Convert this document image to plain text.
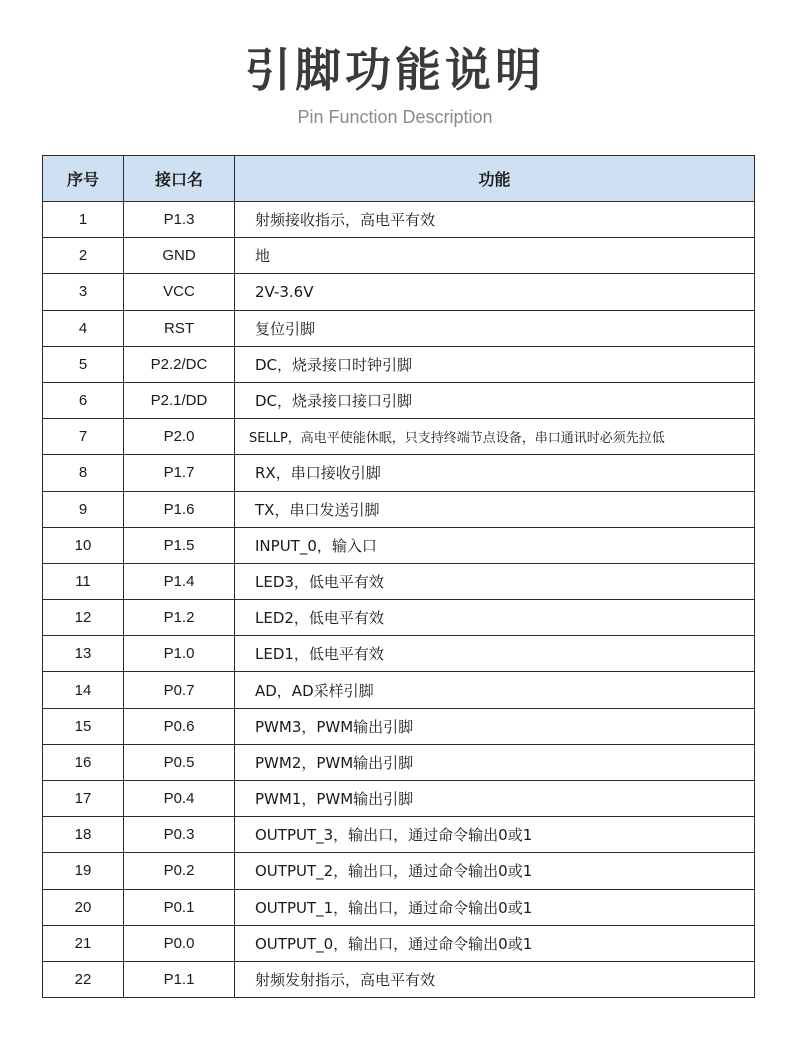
引脚功能说明
Pin Function Description
序号	接口名	功能
1	P1.3	射频接收指示，高电平有效
2	GND	地
3	VCC	2V-3.6V
4	RST	复位引脚
5	P2.2/DC	DC，烧录接口时钟引脚
6	P2.1/DD	DC，烧录接口接口引脚
7	P2.0	SELLP，高电平使能休眠，只支持终端节点设备，串口通讯时必须先拉低
8	P1.7	RX，串口接收引脚
9	P1.6	TX，串口发送引脚
10	P1.5	INPUT_0，输入口
11	P1.4	LED3，低电平有效
12	P1.2	LED2，低电平有效
13	P1.0	LED1，低电平有效
14	P0.7	AD，AD采样引脚
15	P0.6	PWM3，PWM输出引脚
16	P0.5	PWM2，PWM输出引脚
17	P0.4	PWM1，PWM输出引脚
18	P0.3	OUTPUT_3，输出口，通过命令输出0或1
19	P0.2	OUTPUT_2，输出口，通过命令输出0或1
20	P0.1	OUTPUT_1，输出口，通过命令输出0或1
21	P0.0	OUTPUT_0，输出口，通过命令输出0或1
22	P1.1	射频发射指示，高电平有效
